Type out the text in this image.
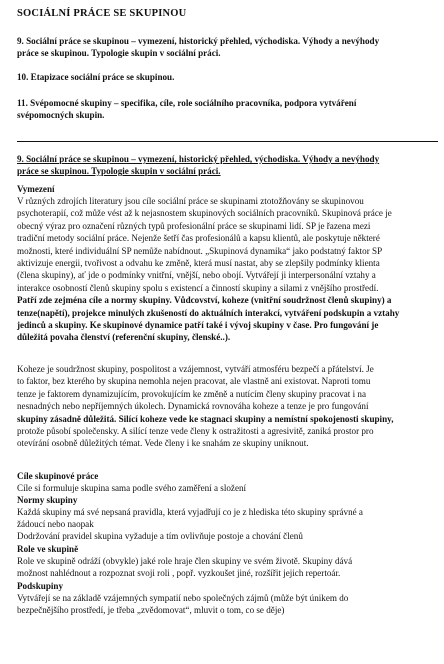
SOCIÁLNÍ PRÁCE SE SKUPINOU
9. Sociální práce se skupinou – vymezení, historický přehled, východiska. Výhody a nevýhody
práce se skupinou. Typologie skupin v sociální práci.
10. Etapizace sociální práce se skupinou.
11. Svépomocné skupiny – specifika, cíle, role sociálního pracovníka, podpora vytváření
svépomocných skupin.
9. Sociální práce se skupinou – vymezení, historický přehled, východiska. Výhody a nevýhody
práce se skupinou. Typologie skupin v sociální práci.
Vymezení

V různých zdrojích literatury jsou cíle sociální práce se skupinami ztotožňovány se skupinovou

psychoterapií, což může vést až k nejasnostem skupinových sociálních pracovníků. Skupinová práce je

obecný výraz pro označení různých typů profesionální práce se skupinami lidí. SP je řazena mezi

tradiční metody sociální práce. Nejenže šetří čas profesionálů a kapsu klientů, ale poskytuje některé

možnosti, které individuální SP nemůže nabídnout. „Skupinová dynamika“ jako podstatný faktor SP

aktivizuje energii, tvořivost a odvahu ke změně, která musí nastat, aby se zlepšily podmínky klienta

(člena skupiny), ať jde o podmínky vnitřní, vnější, nebo obojí. Vytvářejí ji interpersonální vztahy a

interakce osobností členů skupiny spolu s existencí a činností skupiny a silami z vnějšího prostředí.

Patří zde zejména cíle a normy skupiny. Vůdcovství, koheze (vnitřní soudržnost členů skupiny) a

tenze(napětí), projekce minulých zkušeností do aktuálních interakcí, vytváření podskupin a vztahy

jedinců a skupiny. Ke skupinové dynamice patří také i vývoj skupiny v čase. Pro fungování je

důležitá povaha členství (referenční skupiny, členské..).

Koheze je soudržnost skupiny, pospolitost a vzájemnost, vytváří atmosféru bezpečí a přátelství. Je

to faktor, bez kterého by skupina nemohla nejen pracovat, ale vlastně ani existovat. Naproti tomu

tenze je faktorem dynamizujícím, provokujícím ke změně a nutícím členy skupiny pracovat i na

nesnadných nebo nepříjemných úkolech. Dynamická rovnováha koheze a tenze je pro fungování

skupiny zásadně důležitá. Silící koheze vede ke stagnaci skupiny a nemístní spokojenosti skupiny,

protože působí společensky. A silící tenze vede členy k ostražitosti a agresivitě, zaniká prostor pro

otevírání osobně důležitých témat. Vede členy i ke snahám ze skupiny uniknout.

Cíle skupinové práce
Cíle si formuluje skupina sama podle svého zaměření a složení
Normy skupiny
Každá skupiny má své nepsaná pravidla, která vyjadřují co je z hlediska této skupiny správné a
žádoucí nebo naopak
Dodržování pravidel skupina vyžaduje a tím ovlivňuje postoje a chování členů
Role ve skupině
Role ve skupině odráží (obvykle) jaké role hraje člen skupiny ve svém životě. Skupiny dává
možnost nahlédnout a rozpoznat svoji roli , popř. vyzkoušet jiné, rozšířit jejich repertoár.
Podskupiny
Vytvářejí se na základě vzájemných sympatií nebo společných zájmů (může být únikem do
bezpečnějšího prostředí, je třeba „zvědomovat“, mluvit o tom, co se děje)
